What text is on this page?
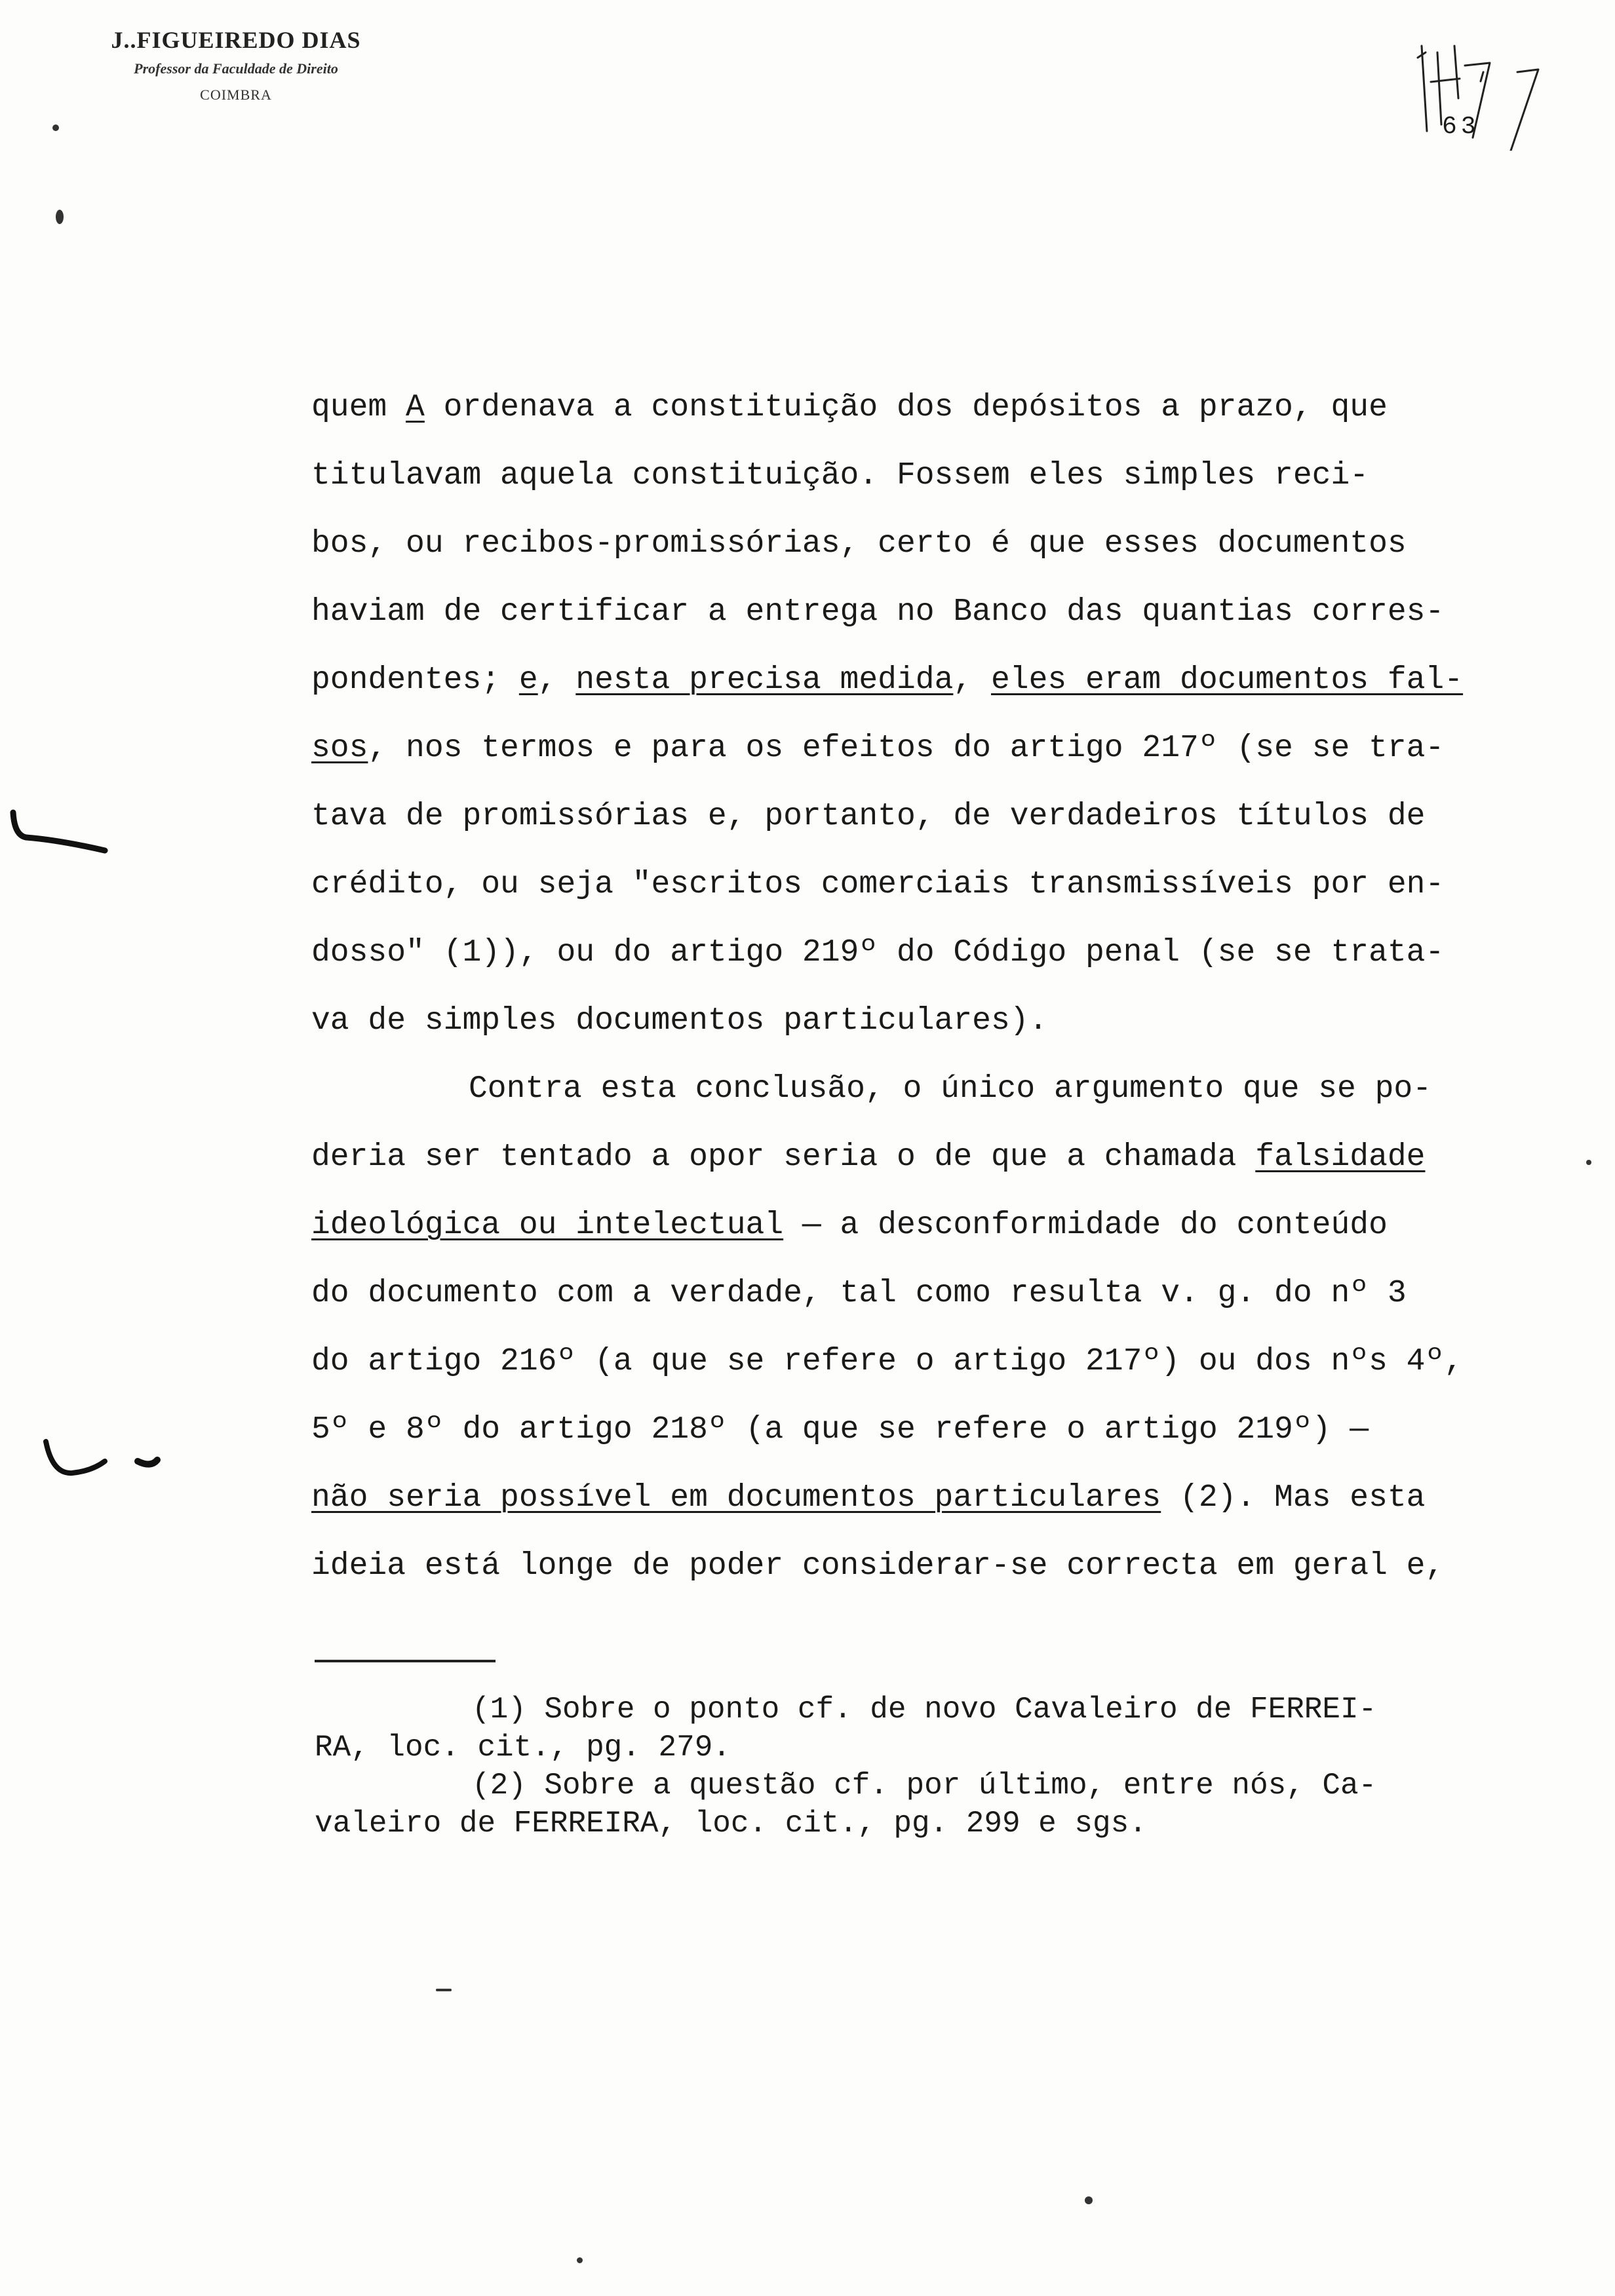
J..FIGUEIREDO DIAS
Professor da Faculdade de Direito
COIMBRA
63
quem A ordenava a constituição dos depósitos a prazo, que
titulavam aquela constituição. Fossem eles simples reci-
bos, ou recibos-promissórias, certo é que esses documentos
haviam de certificar a entrega no Banco das quantias corres-
pondentes; e, nesta precisa medida, eles eram documentos fal-
sos, nos termos e para os efeitos do artigo 217º (se se tra-
tava de promissórias e, portanto, de verdadeiros títulos de
crédito, ou seja "escritos comerciais transmissíveis por en-
dosso" (1)), ou do artigo 219º do Código penal (se se trata-
va de simples documentos particulares).
Contra esta conclusão, o único argumento que se po-
deria ser tentado a opor seria o de que a chamada falsidade
ideológica ou intelectual — a desconformidade do conteúdo
do documento com a verdade, tal como resulta v. g. do nº 3
do artigo 216º (a que se refere o artigo 217º) ou dos nºs 4º,
5º e 8º do artigo 218º (a que se refere o artigo 219º) —
não seria possível em documentos particulares (2). Mas esta
ideia está longe de poder considerar-se correcta em geral e,
(1) Sobre o ponto cf. de novo Cavaleiro de FERREI-
RA, loc. cit., pg. 279.
(2) Sobre a questão cf. por último, entre nós, Ca-
valeiro de FERREIRA, loc. cit., pg. 299 e sgs.
